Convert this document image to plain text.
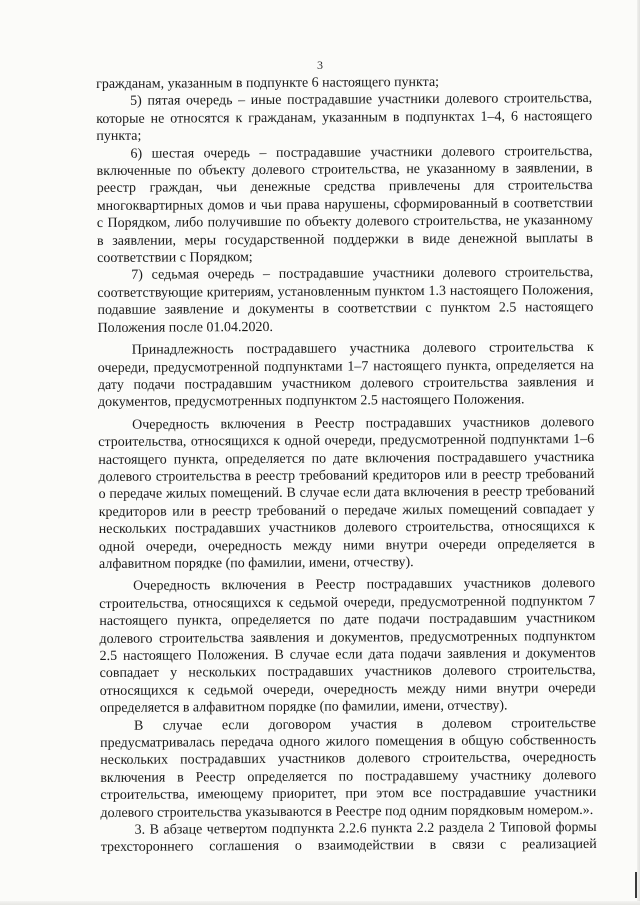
3

гражданам, указанным в подпункте 6 настоящего пункта;

5) пятая очередь – иные пострадавшие участники долевого строительства, которые не относятся к гражданам, указанным в подпунктах 1–4, 6 настоящего пункта;

6) шестая очередь – пострадавшие участники долевого строительства, включенные по объекту долевого строительства, не указанному в заявлении, в реестр граждан, чьи денежные средства привлечены для строительства многоквартирных домов и чьи права нарушены, сформированный в соответствии с Порядком, либо получившие по объекту долевого строительства, не указанному в заявлении, меры государственной поддержки в виде денежной выплаты в соответствии с Порядком;

7) седьмая очередь – пострадавшие участники долевого строительства, соответствующие критериям, установленным пунктом 1.3 настоящего Положения, подавшие заявление и документы в соответствии с пунктом 2.5 настоящего Положения после 01.04.2020.

Принадлежность пострадавшего участника долевого строительства к очереди, предусмотренной подпунктами 1–7 настоящего пункта, определяется на дату подачи пострадавшим участником долевого строительства заявления и документов, предусмотренных подпунктом 2.5 настоящего Положения.

Очередность включения в Реестр пострадавших участников долевого строительства, относящихся к одной очереди, предусмотренной подпунктами 1–6 настоящего пункта, определяется по дате включения пострадавшего участника долевого строительства в реестр требований кредиторов или в реестр требований о передаче жилых помещений. В случае если дата включения в реестр требований кредиторов или в реестр требований о передаче жилых помещений совпадает у нескольких пострадавших участников долевого строительства, относящихся к одной очереди, очередность между ними внутри очереди определяется в алфавитном порядке (по фамилии, имени, отчеству).

Очередность включения в Реестр пострадавших участников долевого строительства, относящихся к седьмой очереди, предусмотренной подпунктом 7 настоящего пункта, определяется по дате подачи пострадавшим участником долевого строительства заявления и документов, предусмотренных подпунктом 2.5 настоящего Положения. В случае если дата подачи заявления и документов совпадает у нескольких пострадавших участников долевого строительства, относящихся к седьмой очереди, очередность между ними внутри очереди определяется в алфавитном порядке (по фамилии, имени, отчеству).

В случае если договором участия в долевом строительстве предусматривалась передача одного жилого помещения в общую собственность нескольких пострадавших участников долевого строительства, очередность включения в Реестр определяется по пострадавшему участнику долевого строительства, имеющему приоритет, при этом все пострадавшие участники долевого строительства указываются в Реестре под одним порядковым номером.».

3. В абзаце четвертом подпункта 2.2.6 пункта 2.2 раздела 2 Типовой формы трехстороннего соглашения о взаимодействии в связи с реализацией
